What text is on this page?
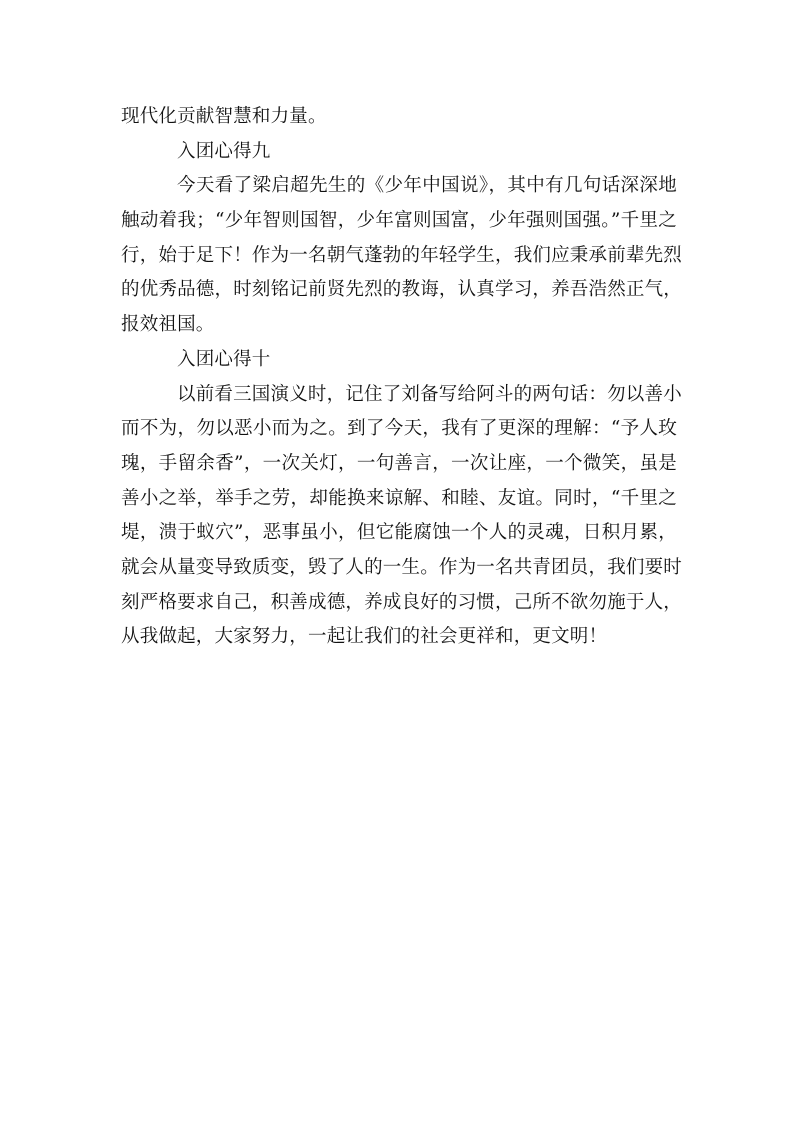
现代化贡献智慧和力量。
入团心得九
今天看了梁启超先生的《少年中国说》，其中有几句话深深地
触动着我；“少年智则国智，少年富则国富，少年强则国强。”千里之
行，始于足下！作为一名朝气蓬勃的年轻学生，我们应秉承前辈先烈
的优秀品德，时刻铭记前贤先烈的教诲，认真学习，养吾浩然正气，
报效祖国。
入团心得十
以前看三国演义时，记住了刘备写给阿斗的两句话：勿以善小
而不为，勿以恶小而为之。到了今天，我有了更深的理解：“予人玫
瑰，手留余香”，一次关灯，一句善言，一次让座，一个微笑，虽是
善小之举，举手之劳，却能换来谅解、和睦、友谊。同时，“千里之
堤，溃于蚁穴”，恶事虽小，但它能腐蚀一个人的灵魂，日积月累，
就会从量变导致质变，毁了人的一生。作为一名共青团员，我们要时
刻严格要求自己，积善成德，养成良好的习惯，己所不欲勿施于人，
从我做起，大家努力，一起让我们的社会更祥和，更文明！
